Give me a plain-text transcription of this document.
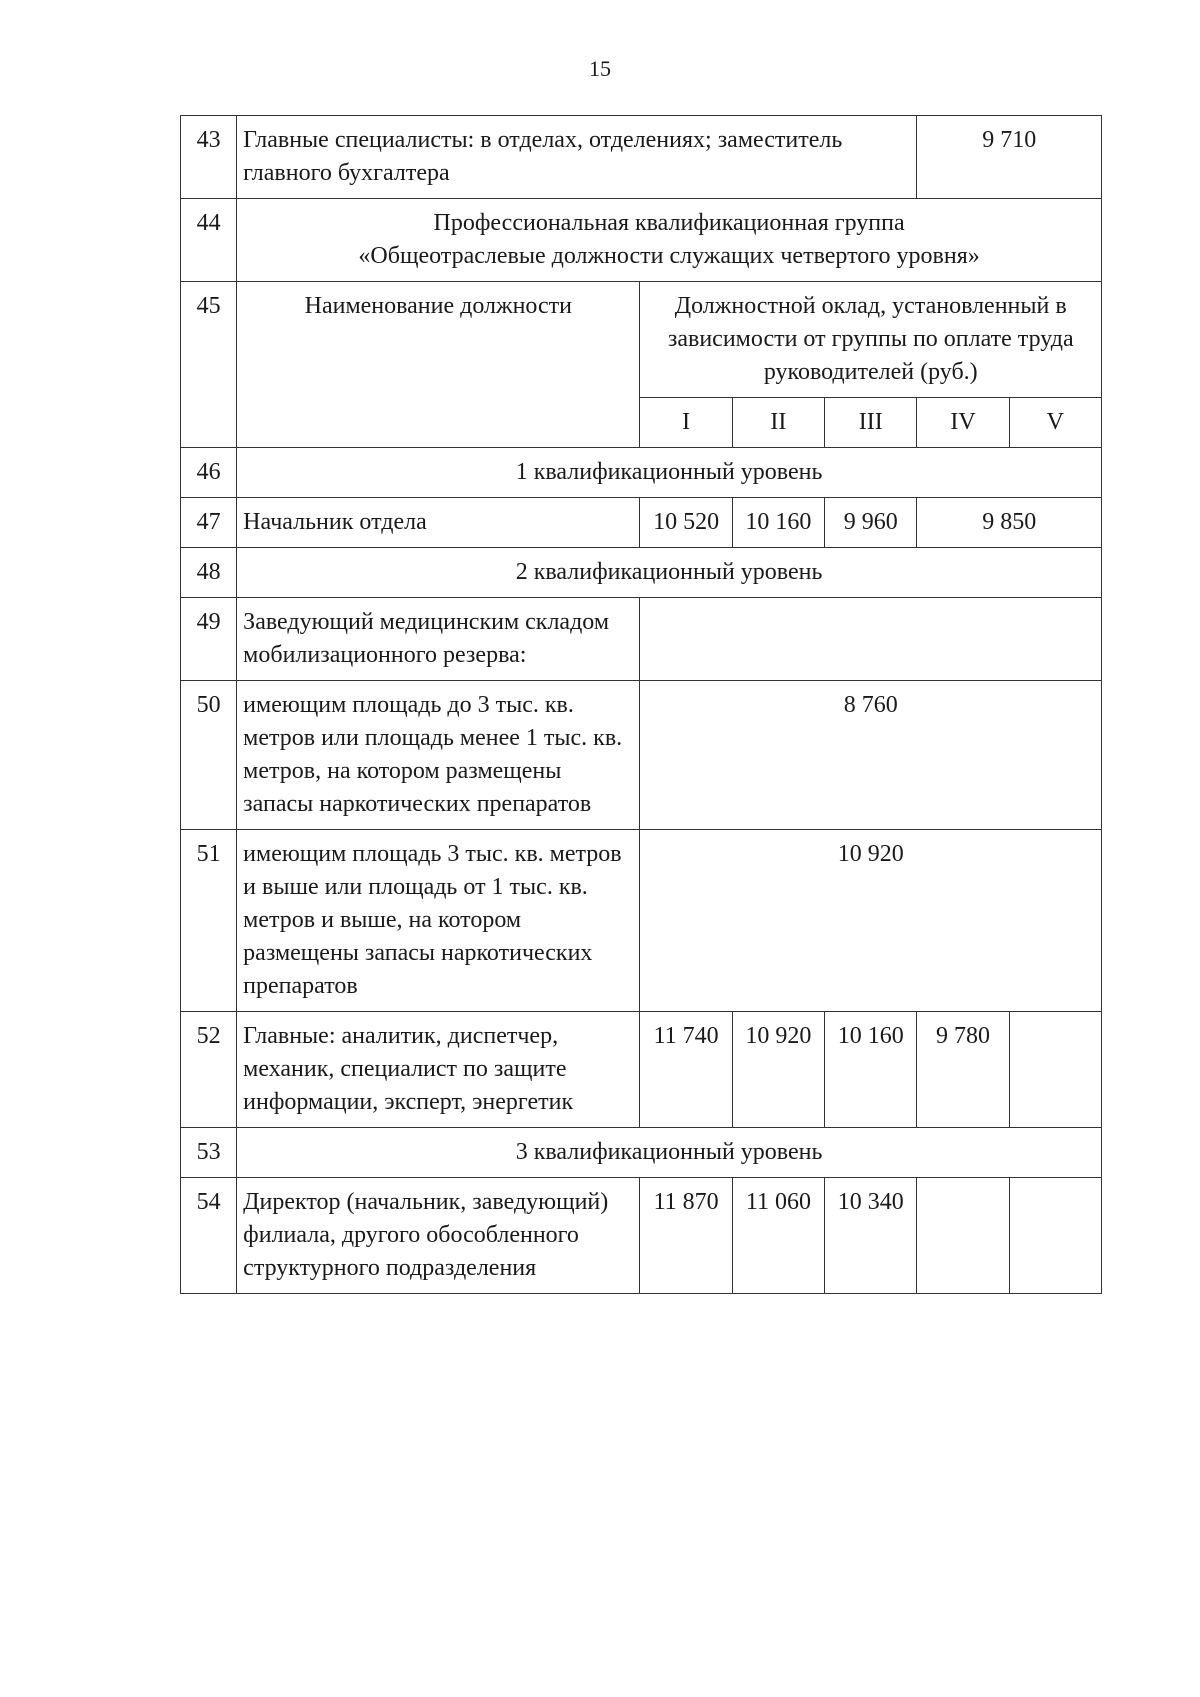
15
43	Главные специалисты: в отделах, отделениях; заместитель главного бухгалтера				9 710	
44	Профессиональная квалификационная группа
«Общеотраслевые должности служащих четвертого уровня»					

45	Наименование должности	Должностной оклад, установленный в зависимости от группы по оплате труда руководителей (руб.)				
		I	II	III	IV	V
46	1 квалификационный уровень					
47	Начальник отдела	10 520	10 160	9 960	9 850	
48	2 квалификационный уровень					
49	Заведующий медицинским складом мобилизационного резерва:					
50	имеющим площадь до 3 тыс. кв. метров или площадь менее 1 тыс. кв. метров, на котором размещены запасы наркотических препаратов	8 760				
51	имеющим площадь 3 тыс. кв. метров и выше или площадь от 1 тыс. кв. метров и выше, на котором размещены запасы наркотических препаратов	10 920				
52	Главные: аналитик, диспетчер, механик, специалист по защите информации, эксперт, энергетик	11 740	10 920	10 160	9 780	
53	3 квалификационный уровень					
54	Директор (начальник, заведующий) филиала, другого обособленного структурного подразделения	11 870	11 060	10 340		
